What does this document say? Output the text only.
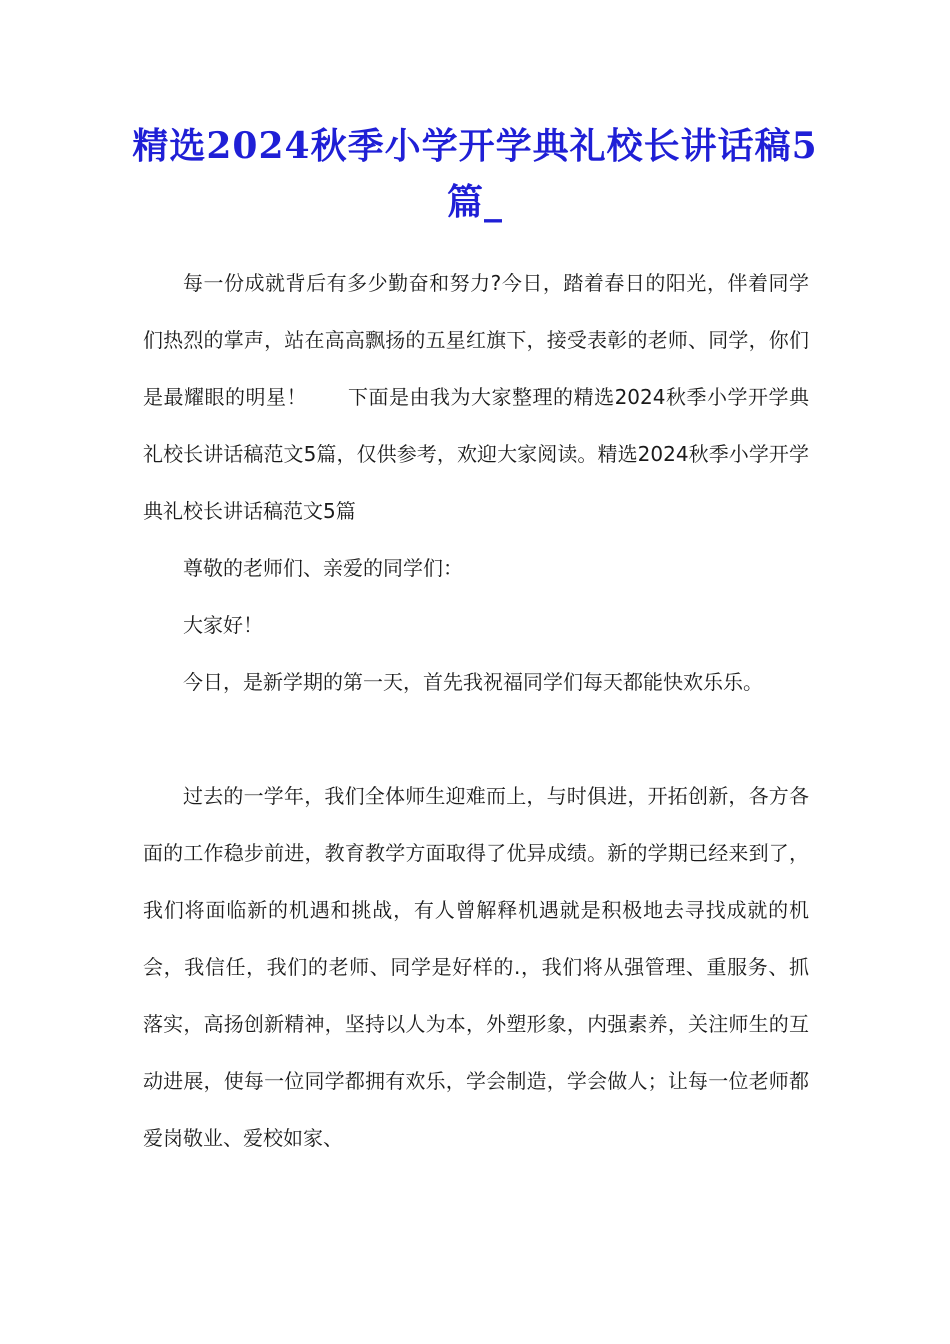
精选2024秋季小学开学典礼校长讲话稿5篇_

每一份成就背后有多少勤奋和努力?今日，踏着春日的阳光，伴着同学们热烈的掌声，站在高高飘扬的五星红旗下，接受表彰的老师、同学，你们是最耀眼的明星！　　下面是由我为大家整理的精选2024秋季小学开学典礼校长讲话稿范文5篇，仅供参考，欢迎大家阅读。精选2024秋季小学开学典礼校长讲话稿范文5篇

尊敬的老师们、亲爱的同学们：

大家好！

今日，是新学期的第一天，首先我祝福同学们每天都能快欢乐乐。

过去的一学年，我们全体师生迎难而上，与时俱进，开拓创新，各方各面的工作稳步前进，教育教学方面取得了优异成绩。新的学期已经来到了，我们将面临新的机遇和挑战，有人曾解释机遇就是积极地去寻找成就的机会，我信任，我们的老师、同学是好样的.，我们将从强管理、重服务、抓落实，高扬创新精神，坚持以人为本，外塑形象，内强素养，关注师生的互动进展，使每一位同学都拥有欢乐，学会制造，学会做人；让每一位老师都爱岗敬业、爱校如家、
